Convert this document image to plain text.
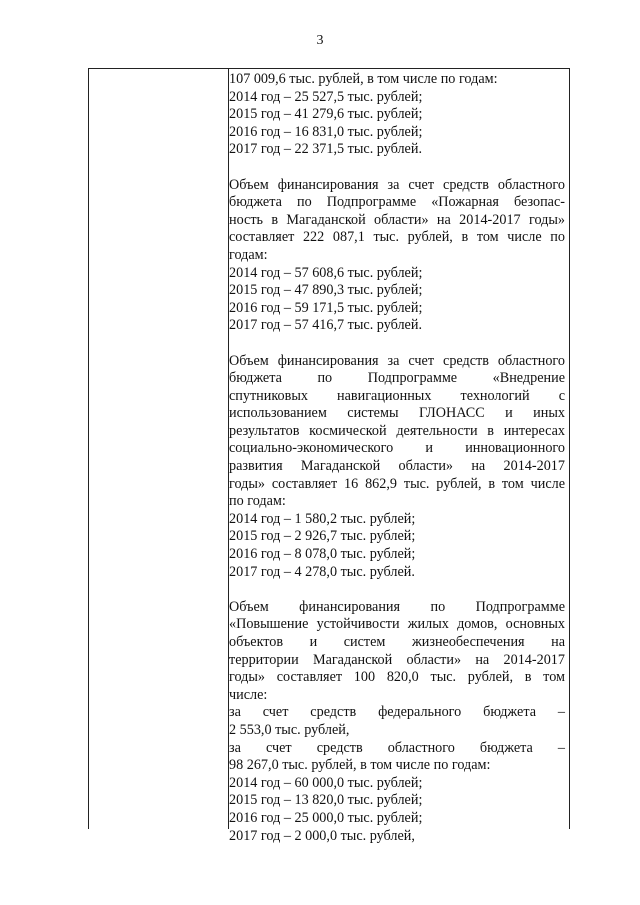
3
107 009,6 тыс. рублей, в том числе по годам:
2014 год – 25 527,5 тыс. рублей;
2015 год – 41 279,6 тыс. рублей;
2016 год – 16 831,0 тыс. рублей;
2017 год – 22 371,5 тыс. рублей.
Объем финансирования за счет средств областного
бюджета по Подпрограмме «Пожарная безопас-
ность в Магаданской области» на 2014-2017 годы»
составляет 222 087,1 тыс. рублей, в том числе по
годам:
2014 год – 57 608,6 тыс. рублей;
2015 год – 47 890,3 тыс. рублей;
2016 год – 59 171,5 тыс. рублей;
2017 год – 57 416,7 тыс. рублей.
Объем финансирования за счет средств областного
бюджета по Подпрограмме «Внедрение
спутниковых навигационных технологий с
использованием системы ГЛОНАСС и иных
результатов космической деятельности в интересах
социально-экономического и инновационного
развития Магаданской области» на 2014-2017
годы» составляет 16 862,9 тыс. рублей, в том числе
по годам:
2014 год – 1 580,2 тыс. рублей;
2015 год – 2 926,7 тыс. рублей;
2016 год – 8 078,0 тыс. рублей;
2017 год – 4 278,0 тыс. рублей.
Объем финансирования по Подпрограмме
«Повышение устойчивости жилых домов, основных
объектов и систем жизнеобеспечения на
территории Магаданской области» на 2014-2017
годы» составляет 100 820,0 тыс. рублей, в том
числе:
за счет средств федерального бюджета –
2 553,0 тыс. рублей,
за счет средств областного бюджета –
98 267,0 тыс. рублей, в том числе по годам:
2014 год – 60 000,0 тыс. рублей;
2015 год – 13 820,0 тыс. рублей;
2016 год – 25 000,0 тыс. рублей;
2017 год – 2 000,0 тыс. рублей,
